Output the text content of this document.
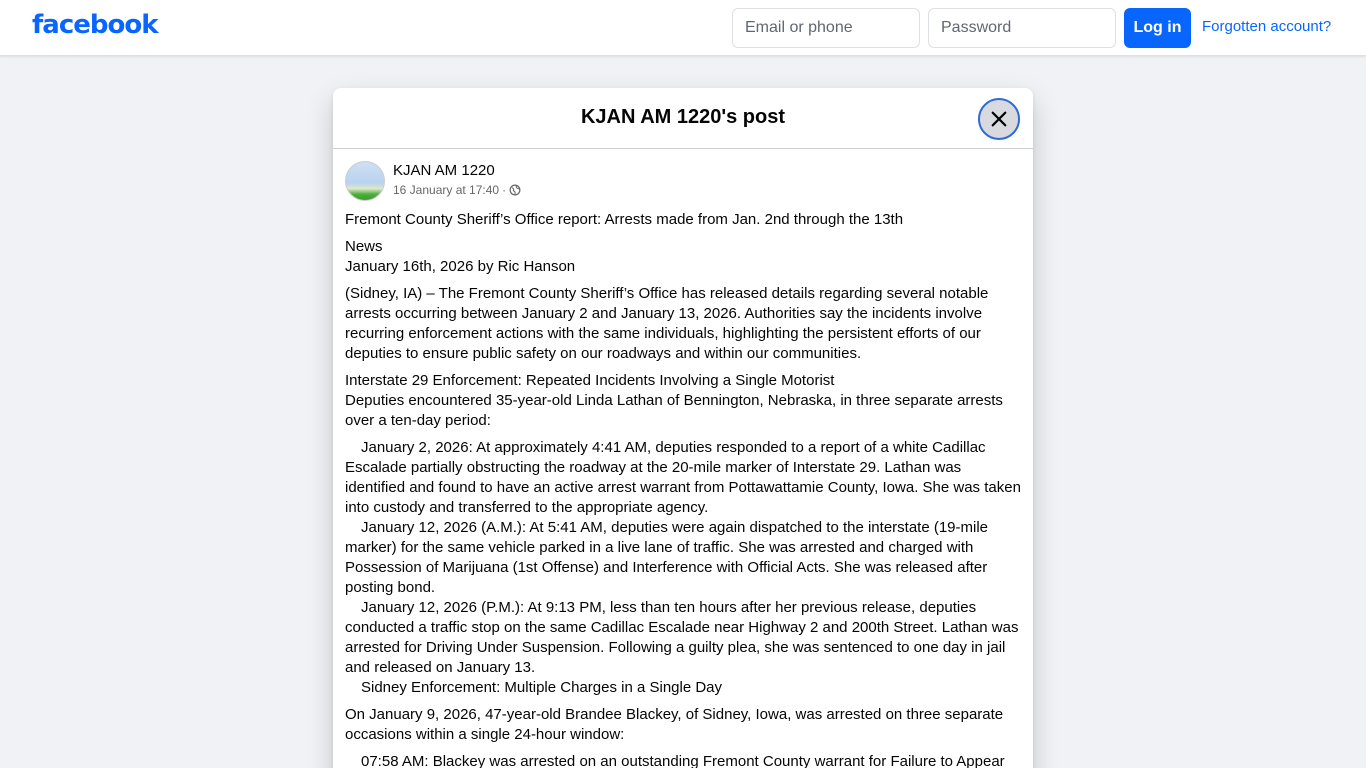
facebook
Email or phone	Log in	Forgotten account?
KJAN AM 1220's post
KJAN AM 1220
16 January at 17:40 ·

Fremont County Sheriff’s Office report: Arrests made from Jan. 2nd through the 13th

News
January 16th, 2026 by Ric Hanson

(Sidney, IA) – The Fremont County Sheriff’s Office has released details regarding several notable arrests occurring between January 2 and January 13, 2026. Authorities say the incidents involve recurring enforcement actions with the same individuals, highlighting the persistent efforts of our deputies to ensure public safety on our roadways and within our communities.

Interstate 29 Enforcement: Repeated Incidents Involving a Single Motorist
Deputies encountered 35-year-old Linda Lathan of Bennington, Nebraska, in three separate arrests over a ten-day period:

January 2, 2026: At approximately 4:41 AM, deputies responded to a report of a white Cadillac Escalade partially obstructing the roadway at the 20-mile marker of Interstate 29. Lathan was identified and found to have an active arrest warrant from Pottawattamie County, Iowa. She was taken into custody and transferred to the appropriate agency.

January 12, 2026 (A.M.): At 5:41 AM, deputies were again dispatched to the interstate (19-mile marker) for the same vehicle parked in a live lane of traffic. She was arrested and charged with Possession of Marijuana (1st Offense) and Interference with Official Acts. She was released after posting bond.

January 12, 2026 (P.M.): At 9:13 PM, less than ten hours after her previous release, deputies conducted a traffic stop on the same Cadillac Escalade near Highway 2 and 200th Street. Lathan was arrested for Driving Under Suspension. Following a guilty plea, she was sentenced to one day in jail and released on January 13.

Sidney Enforcement: Multiple Charges in a Single Day

On January 9, 2026, 47-year-old Brandee Blackey, of Sidney, Iowa, was arrested on three separate occasions within a single 24-hour window:

07:58 AM: Blackey was arrested on an outstanding Fremont County warrant for Failure to Appear
